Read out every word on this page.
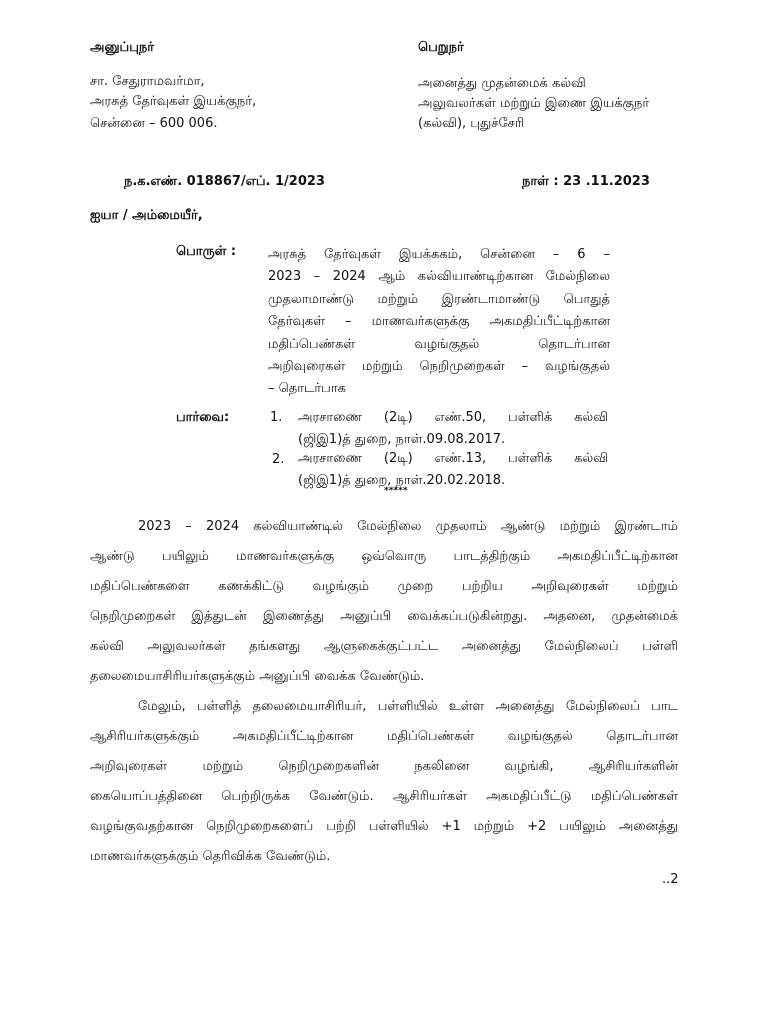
அனுப்புநர்
சா. சேதுராமவர்மா,
அரசுத் தேர்வுகள் இயக்குநர்,
சென்னை – 600 006.
பெறுநர்
அனைத்து முதன்மைக் கல்வி
அலுவலர்கள் மற்றும் இணை இயக்குநர்
(கல்வி), புதுச்சேரி
ந.க.எண். 018867/எப். 1/2023	நாள் : 23 .11.2023
ஐயா / அம்மையீர்,
பொருள் : அரசுத் தேர்வுகள் இயக்ககம், சென்னை – 6 –
2023 – 2024 ஆம் கல்வியாண்டிற்கான மேல்நிலை
முதலாமாண்டு மற்றும் இரண்டாமாண்டு பொதுத்
தேர்வுகள் – மாணவர்களுக்கு அகமதிப்பீட்டிற்கான
மதிப்பெண்கள் வழங்குதல் தொடர்பான
அறிவுரைகள் மற்றும் நெறிமுறைகள் – வழங்குதல்
– தொடர்பாக
பார்வை:	1. அரசாணை (2டி) எண்.50, பள்ளிக் கல்வி
(ஜிஇ1)த் துறை, நாள்.09.08.2017.
2. அரசாணை (2டி) எண்.13, பள்ளிக் கல்வி
(ஜிஇ1)த் துறை, நாள்.20.02.2018.
*****
2023 – 2024 கல்வியாண்டில் மேல்நிலை முதலாம் ஆண்டு மற்றும் இரண்டாம்
ஆண்டு பயிலும் மாணவர்களுக்கு ஒவ்வொரு பாடத்திற்கும் அகமதிப்பீட்டிற்கான
மதிப்பெண்களை கணக்கிட்டு வழங்கும் முறை பற்றிய அறிவுரைகள் மற்றும்
நெறிமுறைகள் இத்துடன் இணைத்து அனுப்பி வைக்கப்படுகின்றது. அதனை, முதன்மைக்
கல்வி அலுவலர்கள் தங்களது ஆளுகைக்குட்பட்ட அனைத்து மேல்நிலைப் பள்ளி
தலைமையாசிரியர்களுக்கும் அனுப்பி வைக்க வேண்டும்.
மேலும், பள்ளித் தலைமையாசிரியர், பள்ளியில் உள்ள அனைத்து மேல்நிலைப் பாட
ஆசிரியர்களுக்கும் அகமதிப்பீட்டிற்கான மதிப்பெண்கள் வழங்குதல் தொடர்பான
அறிவுரைகள் மற்றும் நெறிமுறைகளின் நகலினை வழங்கி, ஆசிரியர்களின்
கையொப்பத்தினை பெற்றிருக்க வேண்டும். ஆசிரியர்கள் அகமதிப்பீட்டு மதிப்பெண்கள்
வழங்குவதற்கான நெறிமுறைகளைப் பற்றி பள்ளியில் +1 மற்றும் +2 பயிலும் அனைத்து
மாணவர்களுக்கும் தெரிவிக்க வேண்டும்.
..2
